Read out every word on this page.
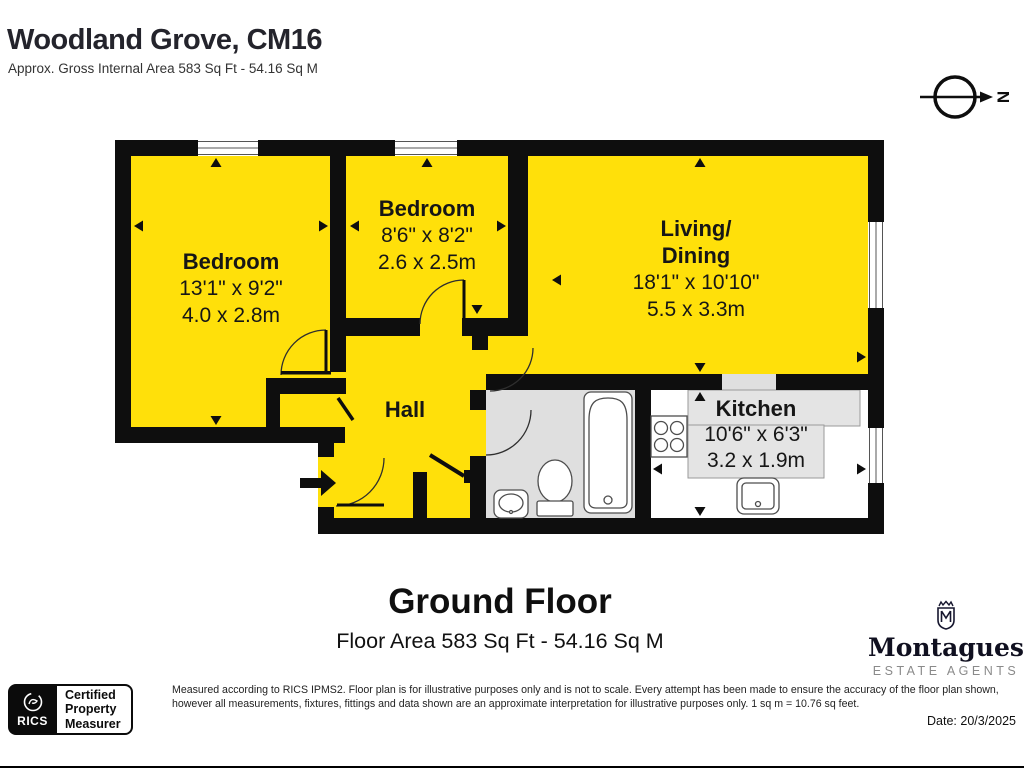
N
Woodland Grove, CM16
Approx. Gross Internal Area 583 Sq Ft - 54.16 Sq M
Bedroom
13'1" x 9'2"
4.0 x 2.8m
Bedroom
8'6" x 8'2"
2.6 x 2.5m
Living/
Dining
18'1" x 10'10"
5.5 x 3.3m
Hall	Kitchen
10'6" x 6'3"
3.2 x 1.9m
Ground Floor
Floor Area 583 Sq Ft - 54.16 Sq M
RICS
Certified
Property
Measurer
Montagues
ESTATE AGENTS
Measured according to RICS IPMS2. Floor plan is for illustrative purposes only and is not to scale. Every attempt has been made to ensure the accuracy of the floor plan shown,
however all measurements, fixtures, fittings and data shown are an approximate interpretation for illustrative purposes only. 1 sq m = 10.76 sq feet.
Date: 20/3/2025
